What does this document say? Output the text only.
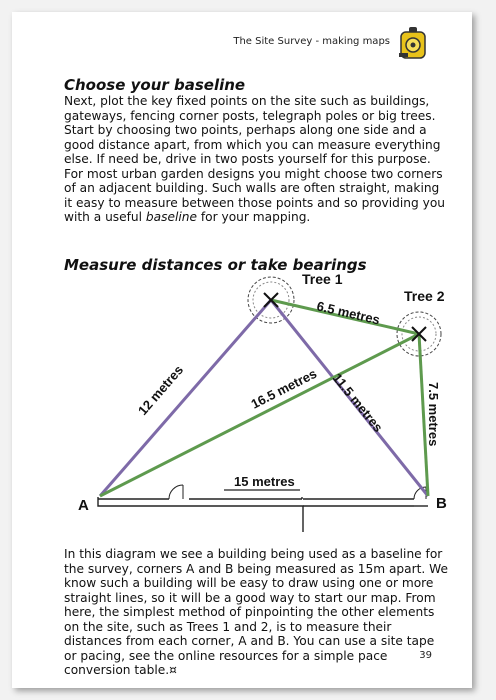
The Site Survey - making maps
Choose your baseline
Next, plot the key fixed points on the site such as buildings, gateways, fencing corner posts, telegraph poles or big trees. Start by choosing two points, perhaps along one side and a good distance apart, from which you can measure everything else. If need be, drive in two posts yourself for this purpose. For most urban garden designs you might choose two corners of an adjacent building. Such walls are often straight, making it easy to measure between those points and so providing you with a useful baseline for your mapping.
Measure distances or take bearings
Tree 1
Tree 2
A	B
15 metres
6.5 metres
12 metres	16.5 metres 11.5 metres	7.5 metres
In this diagram we see a building being used as a baseline for the survey, corners A and B being measured as 15m apart. We know such a building will be easy to draw using one or more straight lines, so it will be a good way to start our map. From here, the simplest method of pinpointing the other elements on the site, such as Trees 1 and 2, is to measure their distances from each corner, A and B. You can use a site tape or pacing, see the online resources for a simple pace conversion table.¤
39
